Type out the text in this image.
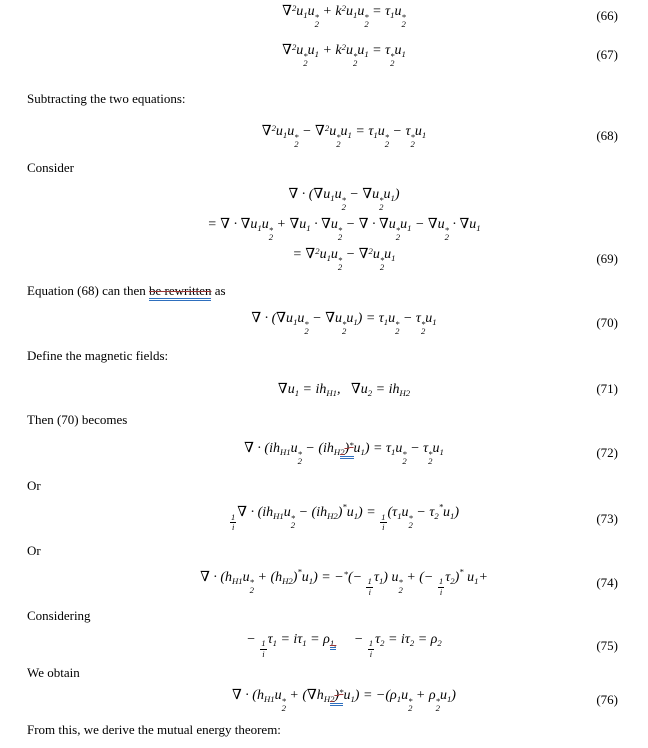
$\nabla^2u_1u$ *
2
+ $k^2u_1u$ *
2
= $\tau_1u$ *
2
(66)
∇$^2$u *
2
$u_1 + k^2u$ *
2
$u_1 = \tau$ *
2
$u_1$	(67)
Subtracting the two equations:
$\nabla^2u_1u$ *
2
− ∇$^2$u *
2
$u_1 = \tau_1u$ *
2
− τ *
2
$u_1$	(68)
Consider
∇ · ($\nabla u_1u$ *
2
− ∇u *
2
$u_1$)
= ∇ · $\nabla u_1u$ *
2
+ $\nabla u_1 \cdot \nabla u$ *
2
− ∇ · ∇u *
2
$u_1 - \nabla u$ *
2
· $\nabla u_1$
= $\nabla^2u_1u$ *
2
− ∇$^2$u *
2
$u_1$	(69)
Equation (68) can then be rewritten as
∇ · ($\nabla u_1u$ *
2
− ∇u *
2
$u_1) = \tau_1u$ *
2
− τ *
2
$u_1$	(70)
Define the magnetic fields:
$\nabla u_1 = ih_{H1}$,  $\nabla u_2 = ih_{H2}$	(71)
Then (70) becomes
∇ · ($ih_{H1}u$ *
2
− $(ih_{H2})^*u_1) = \tau_1u$ *
2
− τ *
2
$u_1$	(72)
Or
$\frac{1}{i}$ ∇ · ($ih_{H1}u$ *
2
− $(ih_{H2})^*u_1) = \frac{1}{i} (\tau_1u$ *
2
− $\tau_2^*u_1$)	(73)
Or
∇ · ($h_{H1}u$ *
2
+ $(h_{H2})^*u_1) = -^*(- \frac{1}{i} \tau_1)$ u *
2
+ (− $\frac{1}{i} \tau_2)^*$ $u_1+$	(74)
Considering
− $\frac{1}{i} \tau_1 = i\tau_1 = \rho_{1,}$  − $\frac{1}{i} \tau_2 = i\tau_2 = \rho_2$	(75)
We obtain
∇ · ($h_{H1}u$ *
2
+ $(\nabla h_{H2})^*u_1) = -(\rho_1u$ *
2
+ ρ *
2
$u_1$)	(76)
From this, we derive the mutual energy theorem:
